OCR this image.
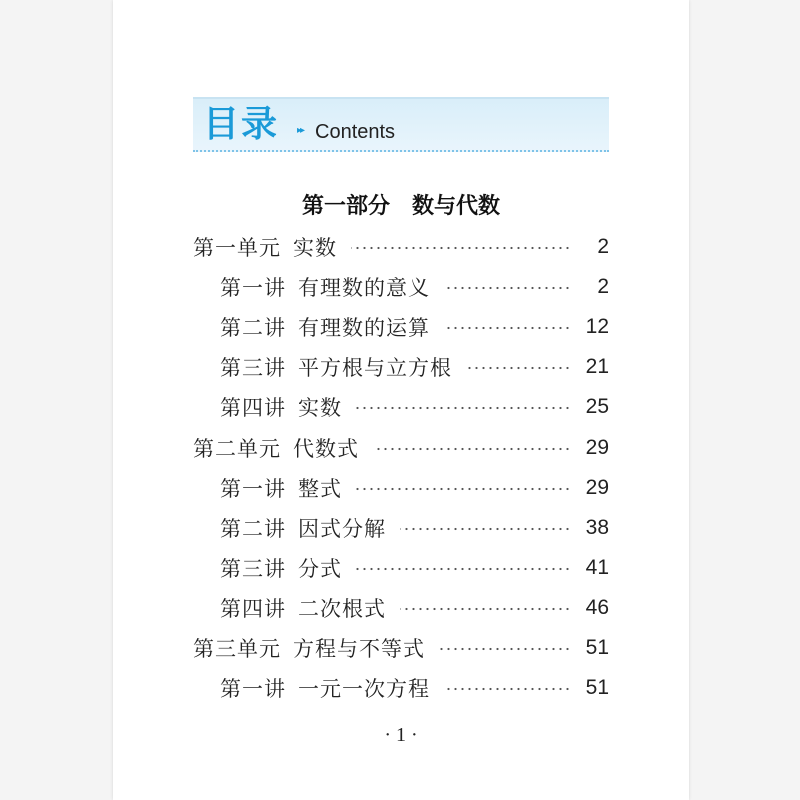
目录 ▸▸ Contents
第一部分　数与代数
第一单元 实数	2
第一讲 有理数的意义	2
第二讲 有理数的运算	12
第三讲 平方根与立方根	21
第四讲 实数	25
第二单元 代数式	29
第一讲 整式	29
第二讲 因式分解	38
第三讲 分式	41
第四讲 二次根式	46
第三单元 方程与不等式	51
第一讲 一元一次方程	51
· 1 ·
